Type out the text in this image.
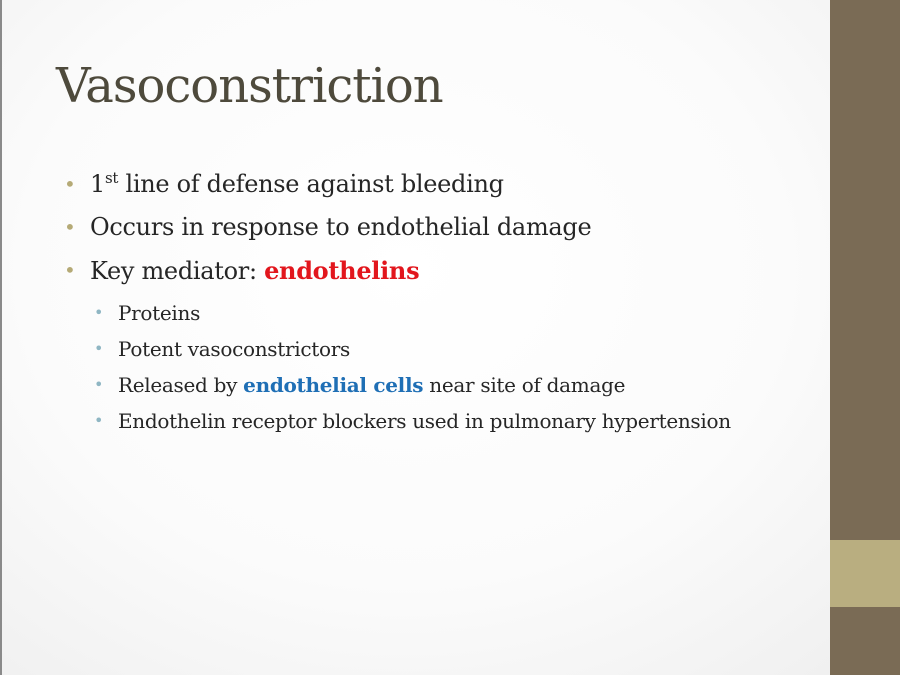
Vasoconstriction
• 1st line of defense against bleeding
• Occurs in response to endothelial damage
• Key mediator: endothelins
• Proteins
• Potent vasoconstrictors
• Released by endothelial cells near site of damage
• Endothelin receptor blockers used in pulmonary hypertension
